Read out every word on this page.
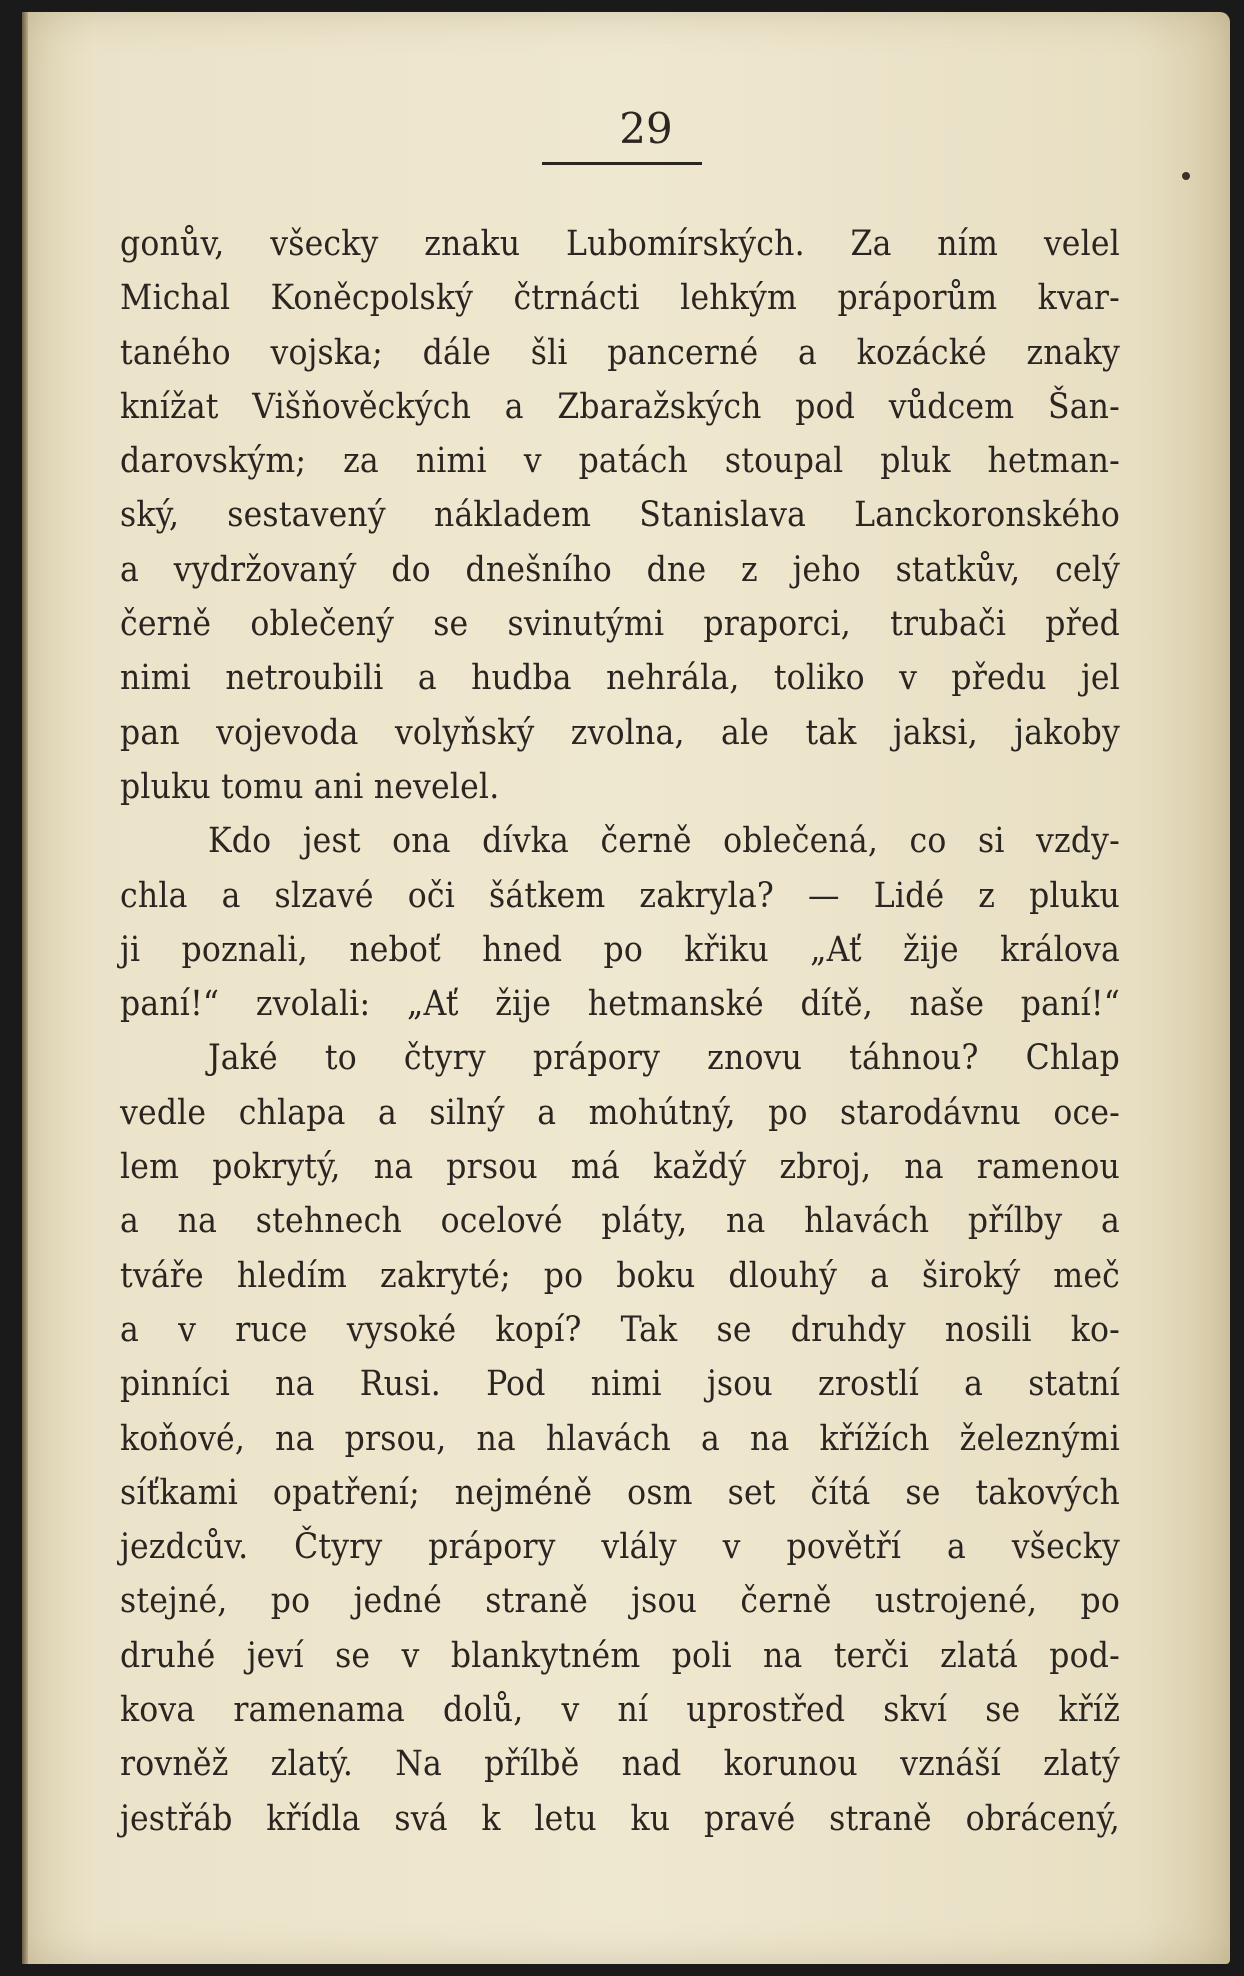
29
gonův, všecky znaku Lubomírských. Za ním velel
Michal Koněcpolský čtrnácti lehkým práporům kvar-
taného vojska; dále šli pancerné a kozácké znaky
knížat Višňověckých a Zbaražských pod vůdcem Šan-
darovským; za nimi v patách stoupal pluk hetman-
ský, sestavený nákladem Stanislava Lanckoronského
a vydržovaný do dnešního dne z jeho statkův, celý
černě oblečený se svinutými praporci, trubači před
nimi netroubili a hudba nehrála, toliko v předu jel
pan vojevoda volyňský zvolna, ale tak jaksi, jakoby
pluku tomu ani nevelel.
Kdo jest ona dívka černě oblečená, co si vzdy-
chla a slzavé oči šátkem zakryla? — Lidé z pluku
ji poznali, neboť hned po křiku „Ať žije králova
paní!“ zvolali: „Ať žije hetmanské dítě, naše paní!“
Jaké to čtyry prápory znovu táhnou? Chlap
vedle chlapa a silný a mohútný, po starodávnu oce-
lem pokrytý, na prsou má každý zbroj, na ramenou
a na stehnech ocelové pláty, na hlavách přílby a
tváře hledím zakryté; po boku dlouhý a široký meč
a v ruce vysoké kopí? Tak se druhdy nosili ko-
pinníci na Rusi. Pod nimi jsou zrostlí a statní
koňové, na prsou, na hlavách a na křížích železnými
síťkami opatření; nejméně osm set čítá se takových
jezdcův. Čtyry prápory vlály v povětří a všecky
stejné, po jedné straně jsou černě ustrojené, po
druhé jeví se v blankytném poli na terči zlatá pod-
kova ramenama dolů, v ní uprostřed skví se kříž
rovněž zlatý. Na přílbě nad korunou vznáší zlatý
jestřáb křídla svá k letu ku pravé straně obrácený,
